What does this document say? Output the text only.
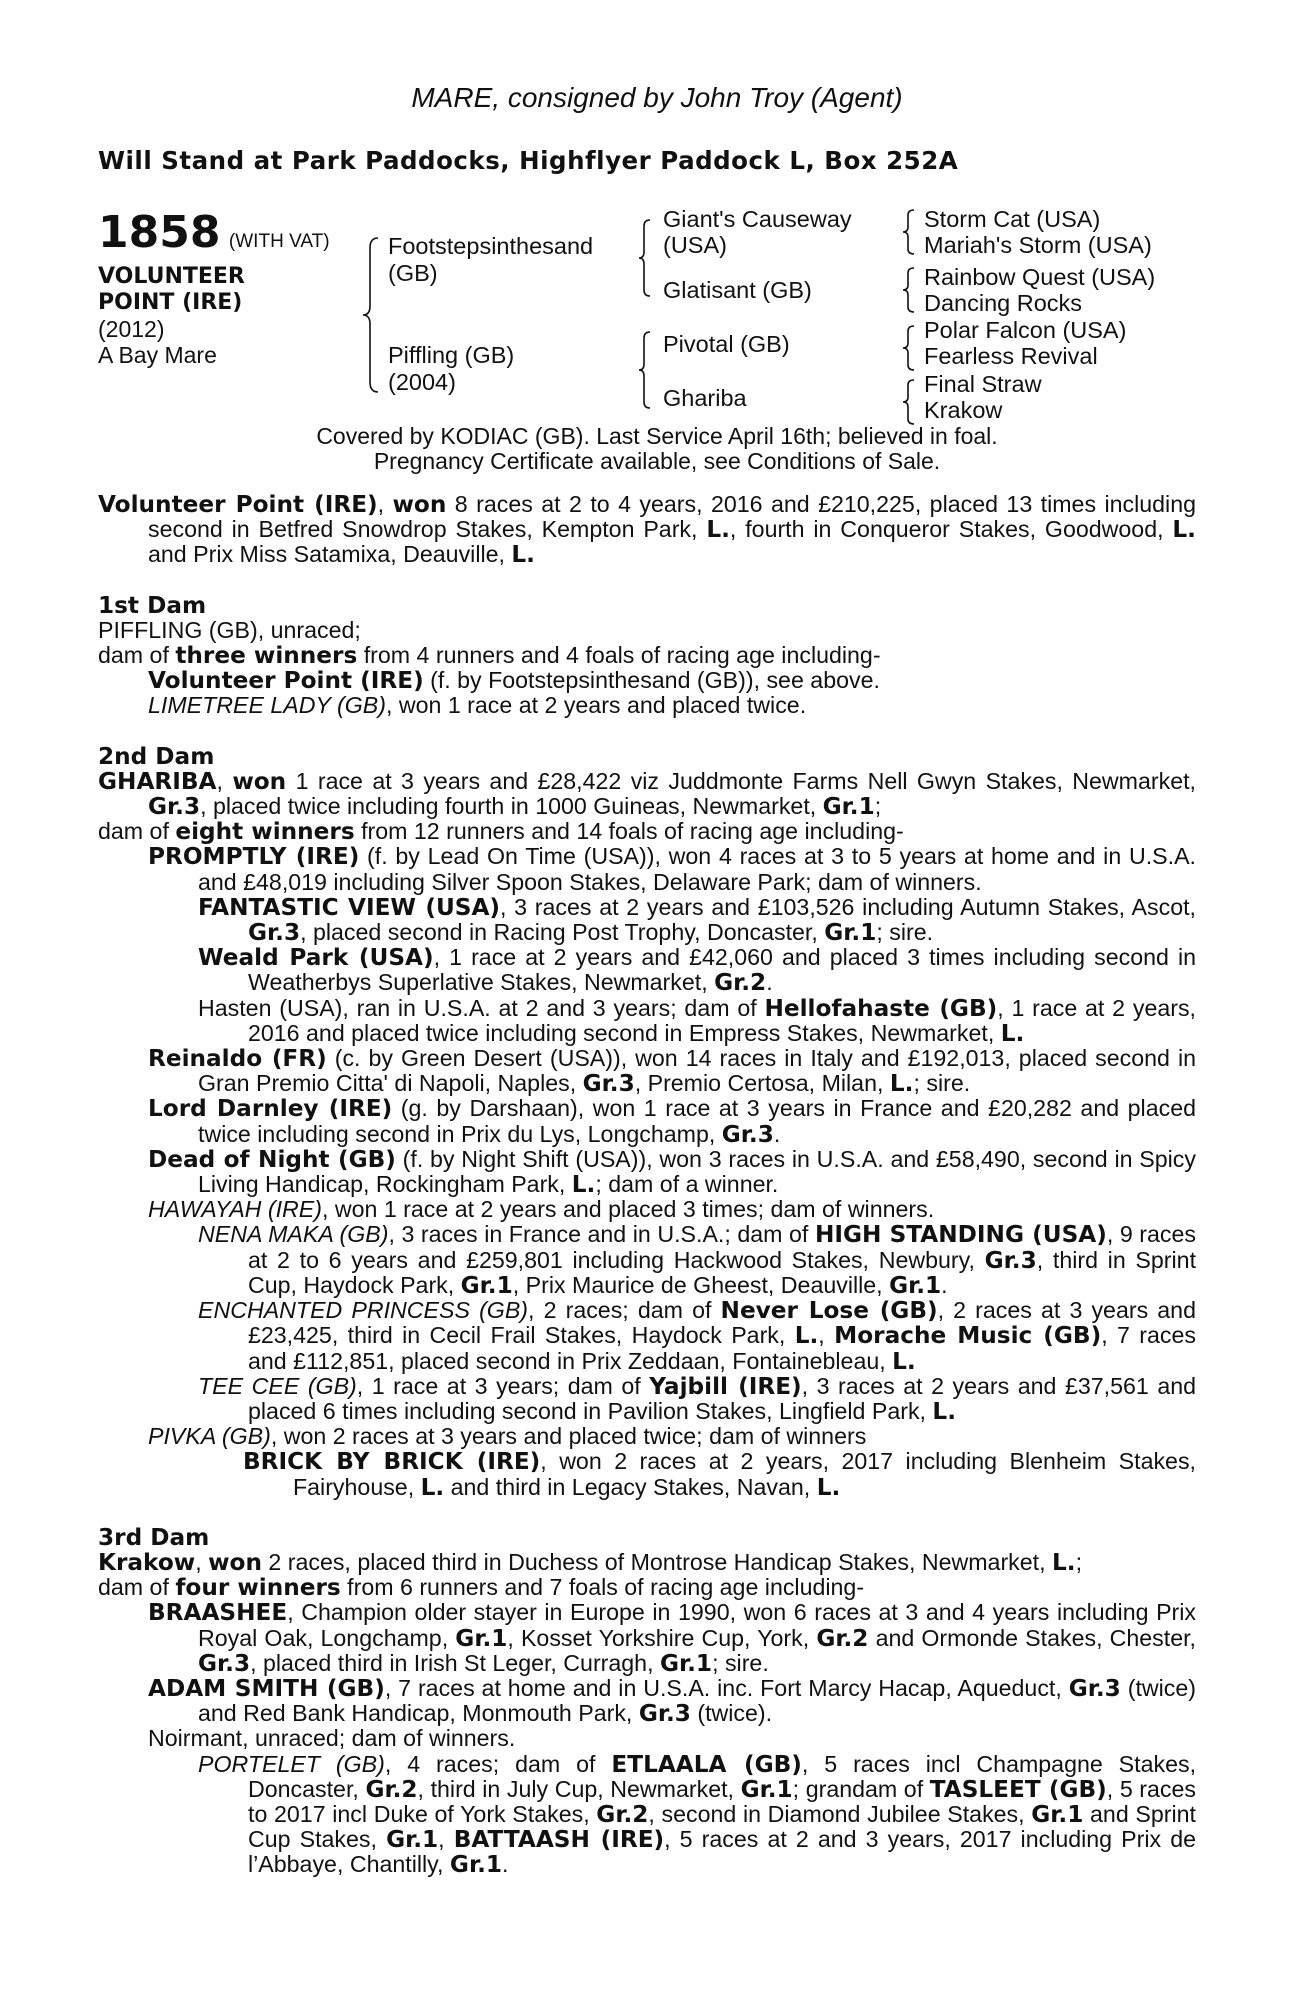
MARE, consigned by John Troy (Agent)
Will Stand at Park Paddocks, Highflyer Paddock L, Box 252A
1858 (WITH VAT)
VOLUNTEER
POINT (IRE)
(2012)
A Bay Mare
Footstepsinthesand
(GB)
Piffling (GB)
(2004)
Giant's Causeway
(USA)
Glatisant (GB)
Pivotal (GB)
Ghariba
Storm Cat (USA)
Mariah's Storm (USA)
Rainbow Quest (USA)
Dancing Rocks
Polar Falcon (USA)
Fearless Revival
Final Straw
Krakow
Covered by KODIAC (GB). Last Service April 16th; believed in foal.
Pregnancy Certificate available, see Conditions of Sale.
Volunteer Point (IRE), won 8 races at 2 to 4 years, 2016 and £210,225, placed 13 times including second in Betfred Snowdrop Stakes, Kempton Park, L., fourth in Conqueror Stakes, Goodwood, L. and Prix Miss Satamixa, Deauville, L.
1st Dam
PIFFLING (GB), unraced;
dam of three winners from 4 runners and 4 foals of racing age including-
Volunteer Point (IRE) (f. by Footstepsinthesand (GB)), see above.
LIMETREE LADY (GB), won 1 race at 2 years and placed twice.
2nd Dam
GHARIBA, won 1 race at 3 years and £28,422 viz Juddmonte Farms Nell Gwyn Stakes, Newmarket, Gr.3, placed twice including fourth in 1000 Guineas, Newmarket, Gr.1;
dam of eight winners from 12 runners and 14 foals of racing age including-
PROMPTLY (IRE) (f. by Lead On Time (USA)), won 4 races at 3 to 5 years at home and in U.S.A. and £48,019 including Silver Spoon Stakes, Delaware Park; dam of winners.
FANTASTIC VIEW (USA), 3 races at 2 years and £103,526 including Autumn Stakes, Ascot, Gr.3, placed second in Racing Post Trophy, Doncaster, Gr.1; sire.
Weald Park (USA), 1 race at 2 years and £42,060 and placed 3 times including second in Weatherbys Superlative Stakes, Newmarket, Gr.2.
Hasten (USA), ran in U.S.A. at 2 and 3 years; dam of Hellofahaste (GB), 1 race at 2 years, 2016 and placed twice including second in Empress Stakes, Newmarket, L.
Reinaldo (FR) (c. by Green Desert (USA)), won 14 races in Italy and £192,013, placed second in Gran Premio Citta' di Napoli, Naples, Gr.3, Premio Certosa, Milan, L.; sire.
Lord Darnley (IRE) (g. by Darshaan), won 1 race at 3 years in France and £20,282 and placed twice including second in Prix du Lys, Longchamp, Gr.3.
Dead of Night (GB) (f. by Night Shift (USA)), won 3 races in U.S.A. and £58,490, second in Spicy Living Handicap, Rockingham Park, L.; dam of a winner.
HAWAYAH (IRE), won 1 race at 2 years and placed 3 times; dam of winners.
NENA MAKA (GB), 3 races in France and in U.S.A.; dam of HIGH STANDING (USA), 9 races at 2 to 6 years and £259,801 including Hackwood Stakes, Newbury, Gr.3, third in Sprint Cup, Haydock Park, Gr.1, Prix Maurice de Gheest, Deauville, Gr.1.
ENCHANTED PRINCESS (GB), 2 races; dam of Never Lose (GB), 2 races at 3 years and £23,425, third in Cecil Frail Stakes, Haydock Park, L., Morache Music (GB), 7 races and £112,851, placed second in Prix Zeddaan, Fontainebleau, L.
TEE CEE (GB), 1 race at 3 years; dam of Yajbill (IRE), 3 races at 2 years and £37,561 and placed 6 times including second in Pavilion Stakes, Lingfield Park, L.
PIVKA (GB), won 2 races at 3 years and placed twice; dam of winners
BRICK BY BRICK (IRE), won 2 races at 2 years, 2017 including Blenheim Stakes, Fairyhouse, L. and third in Legacy Stakes, Navan, L.
3rd Dam
Krakow, won 2 races, placed third in Duchess of Montrose Handicap Stakes, Newmarket, L.;
dam of four winners from 6 runners and 7 foals of racing age including-
BRAASHEE, Champion older stayer in Europe in 1990, won 6 races at 3 and 4 years including Prix Royal Oak, Longchamp, Gr.1, Kosset Yorkshire Cup, York, Gr.2 and Ormonde Stakes, Chester, Gr.3, placed third in Irish St Leger, Curragh, Gr.1; sire.
ADAM SMITH (GB), 7 races at home and in U.S.A. inc. Fort Marcy Hacap, Aqueduct, Gr.3 (twice) and Red Bank Handicap, Monmouth Park, Gr.3 (twice).
Noirmant, unraced; dam of winners.
PORTELET (GB), 4 races; dam of ETLAALA (GB), 5 races incl Champagne Stakes, Doncaster, Gr.2, third in July Cup, Newmarket, Gr.1; grandam of TASLEET (GB), 5 races to 2017 incl Duke of York Stakes, Gr.2, second in Diamond Jubilee Stakes, Gr.1 and Sprint Cup Stakes, Gr.1, BATTAASH (IRE), 5 races at 2 and 3 years, 2017 including Prix de l’Abbaye, Chantilly, Gr.1.
